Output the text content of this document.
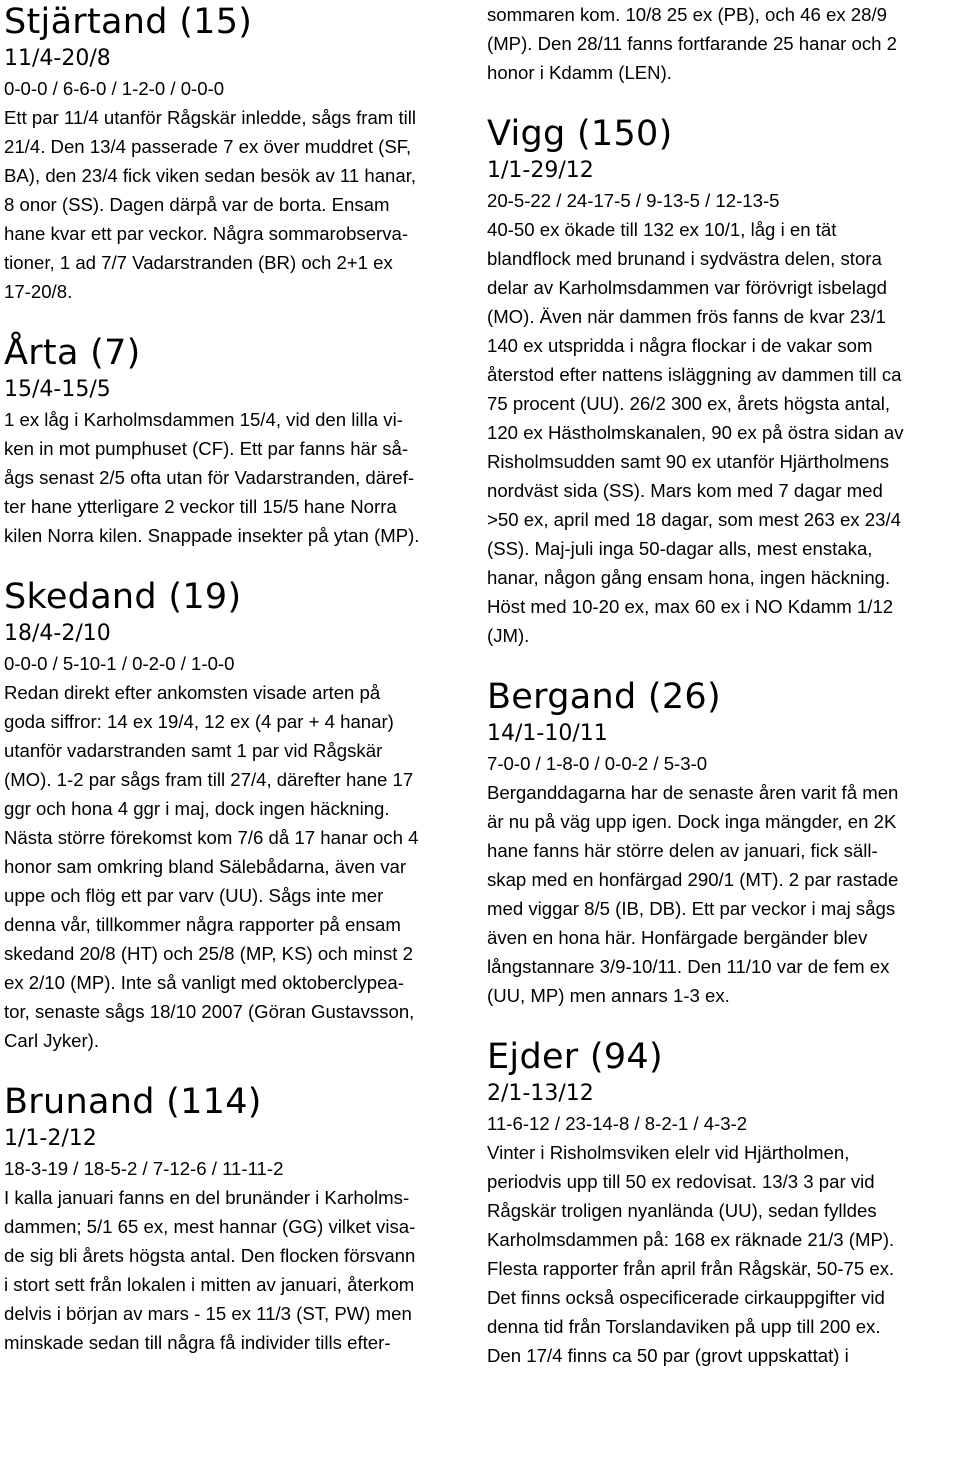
Stjärtand (15)
11/4-20/8
0-0-0 / 6-6-0 / 1-2-0 / 0-0-0
Ett par 11/4 utanför Rågskär inledde, sågs fram till
21/4. Den 13/4 passerade 7 ex över muddret (SF,
BA), den 23/4 fick viken sedan besök av 11 hanar,
8 onor (SS). Dagen därpå var de borta. Ensam
hane kvar ett par veckor. Några sommarobserva-
tioner, 1 ad 7/7 Vadarstranden (BR) och 2+1 ex
17-20/8.
Årta (7)
15/4-15/5
1 ex låg i Karholmsdammen 15/4, vid den lilla vi-
ken in mot pumphuset (CF). Ett par fanns här så-
ågs senast 2/5 ofta utan för Vadarstranden, däref-
ter hane ytterligare 2 veckor till 15/5 hane Norra
kilen Norra kilen. Snappade insekter på ytan (MP).
Skedand (19)
18/4-2/10
0-0-0 / 5-10-1 / 0-2-0 / 1-0-0
Redan direkt efter ankomsten visade arten på
goda siffror: 14 ex 19/4, 12 ex (4 par + 4 hanar)
utanför vadarstranden samt 1 par vid Rågskär
(MO). 1-2 par sågs fram till 27/4, därefter hane 17
ggr och hona 4 ggr i maj, dock ingen häckning.
Nästa större förekomst kom 7/6 då 17 hanar och 4
honor sam omkring bland Sälebådarna, även var
uppe och flög ett par varv (UU). Sågs inte mer
denna vår, tillkommer några rapporter på ensam
skedand 20/8 (HT) och 25/8 (MP, KS) och minst 2
ex 2/10 (MP). Inte så vanligt med oktoberclypea-
tor, senaste sågs 18/10 2007 (Göran Gustavsson,
Carl Jyker).
Brunand (114)
1/1-2/12
18-3-19 / 18-5-2 / 7-12-6 / 11-11-2
I kalla januari fanns en del brunänder i Karholms-
dammen; 5/1 65 ex, mest hannar (GG) vilket visa-
de sig bli årets högsta antal. Den flocken försvann
i stort sett från lokalen i mitten av januari, återkom
delvis i början av mars - 15 ex 11/3 (ST, PW) men
minskade sedan till några få individer tills efter-
sommaren kom. 10/8 25 ex (PB), och 46 ex 28/9
(MP). Den 28/11 fanns fortfarande 25 hanar och 2
honor i Kdamm (LEN).
Vigg (150)
1/1-29/12
20-5-22 / 24-17-5 / 9-13-5 / 12-13-5
40-50 ex ökade till 132 ex 10/1, låg i en tät
blandflock med brunand i sydvästra delen, stora
delar av Karholmsdammen var förövrigt isbelagd
(MO). Även när dammen frös fanns de kvar 23/1
140 ex utspridda i några flockar i de vakar som
återstod efter nattens isläggning av dammen till ca
75 procent (UU). 26/2 300 ex, årets högsta antal,
120 ex Hästholmskanalen, 90 ex på östra sidan av
Risholmsudden samt 90 ex utanför Hjärtholmens
nordväst sida (SS). Mars kom med 7 dagar med
>50 ex, april med 18 dagar, som mest 263 ex 23/4
(SS). Maj-juli inga 50-dagar alls, mest enstaka,
hanar, någon gång ensam hona, ingen häckning.
Höst med 10-20 ex, max 60 ex i NO Kdamm 1/12
(JM).
Bergand (26)
14/1-10/11
7-0-0 / 1-8-0 / 0-0-2 / 5-3-0
Berganddagarna har de senaste åren varit få men
är nu på väg upp igen. Dock inga mängder, en 2K
hane fanns här större delen av januari, fick säll-
skap med en honfärgad 290/1 (MT). 2 par rastade
med viggar 8/5 (IB, DB). Ett par veckor i maj sågs
även en hona här. Honfärgade bergänder blev
långstannare 3/9-10/11. Den 11/10 var de fem ex
(UU, MP) men annars 1-3 ex.
Ejder (94)
2/1-13/12
11-6-12 / 23-14-8 / 8-2-1 / 4-3-2
Vinter i Risholmsviken elelr vid Hjärtholmen,
periodvis upp till 50 ex redovisat. 13/3 3 par vid
Rågskär troligen nyanlända (UU), sedan fylldes
Karholmsdammen på: 168 ex räknade 21/3 (MP).
Flesta rapporter från april från Rågskär, 50-75 ex.
Det finns också ospecificerade cirkauppgifter vid
denna tid från Torslandaviken på upp till 200 ex.
Den 17/4 finns ca 50 par (grovt uppskattat) i
